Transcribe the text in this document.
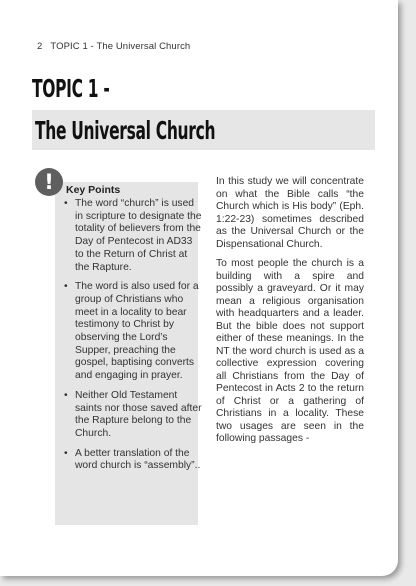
2 TOPIC 1 - The Universal Church
TOPIC 1 -
The Universal Church
!	Key Points
• The word “church” is used in scripture to designate the totality of believers from the Day of Pentecost in AD33 to the Return of Christ at the Rapture.
• The word is also used for a group of Christians who meet in a locality to bear testimony to Christ by observing the Lord’s Supper, preaching the gospel, baptising converts and engaging in prayer.
• Neither Old Testament saints nor those saved after the Rapture belong to the Church.
• A better translation of the word church is “assembly”..

In this study we will concentrate on what the Bible calls “the Church which is His body” (Eph. 1:22-23) sometimes described as the Universal Church or the Dispensational Church.

To most people the church is a building with a spire and possibly a graveyard. Or it may mean a religious organisation with headquarters and a leader. But the bible does not support either of these meanings. In the NT the word church is used as a collective expression covering all Christians from the Day of Pentecost in Acts 2 to the return of Christ or a gathering of Christians in a locality. These two usages are seen in the following passages -
